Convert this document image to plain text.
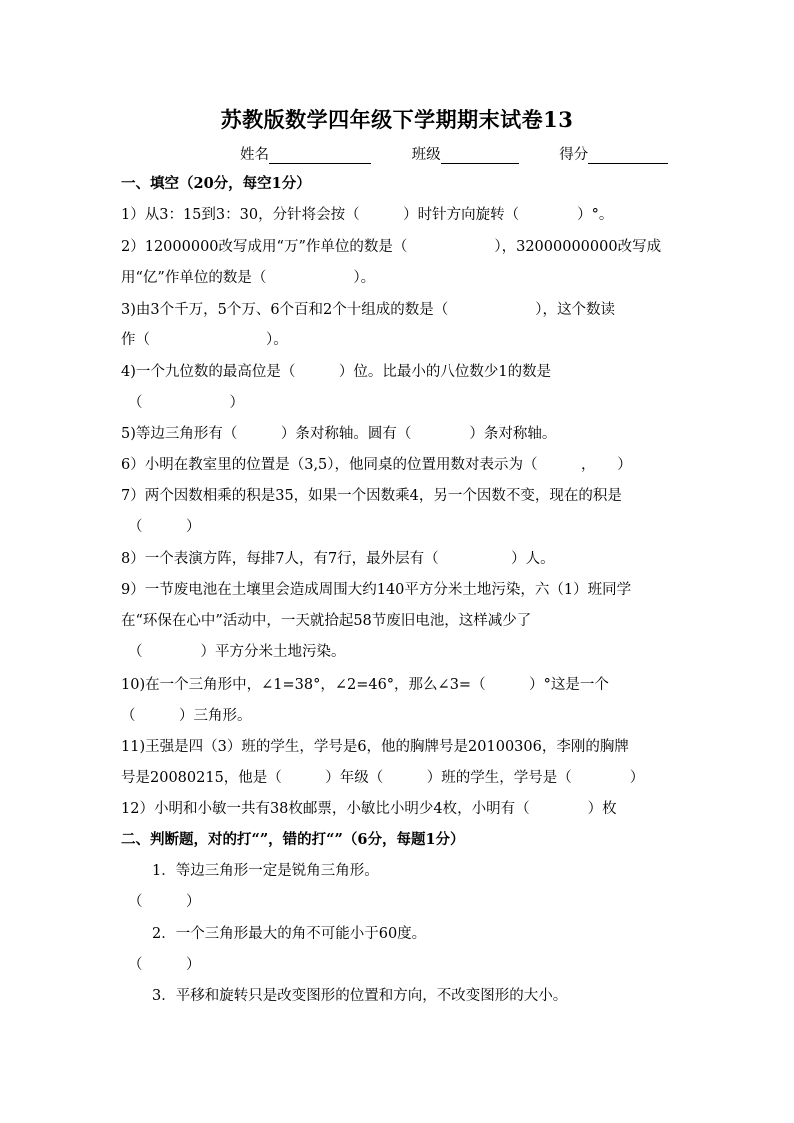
苏教版数学四年级下学期期末试卷13
姓名	班级	得分
一、填空（20分，每空1分）
1）从3：15到3：30，分针将会按（　　　）时针方向旋转（　　　　）°。
2）12000000改写成用“万”作单位的数是（　　　　　　），32000000000改写成
用“亿”作单位的数是（　　　　　　）。
3)由3个千万，5个万、6个百和2个十组成的数是（　　　　　　），这个数读
作（　　　　　　　　）。
4)一个九位数的最高位是（　　　）位。比最小的八位数少1的数是
（　　　　　　）
5)等边三角形有（　　　）条对称轴。圆有（　　　　）条对称轴。
6）小明在教室里的位置是（3,5），他同桌的位置用数对表示为（　　　，　　）
7）两个因数相乘的积是35，如果一个因数乘4，另一个因数不变，现在的积是
（　　　）
8）一个表演方阵，每排7人，有7行，最外层有（　　　　　）人。
9）一节废电池在土壤里会造成周围大约140平方分米土地污染，六（1）班同学
在“环保在心中”活动中，一天就拾起58节废旧电池，这样减少了
（　　　　）平方分米土地污染。
10)在一个三角形中，∠1=38°，∠2=46°，那么∠3=（　　　）°这是一个
（　　　）三角形。
11)王强是四（3）班的学生，学号是6，他的胸牌号是20100306，李刚的胸牌
号是20080215，他是（　　　）年级（　　　）班的学生，学号是（　　　　）
12）小明和小敏一共有38枚邮票，小敏比小明少4枚，小明有（　　　　）枚
二、判断题，对的打“”，错的打“”（6分，每题1分）
1．等边三角形一定是锐角三角形。
（　　　）
2．一个三角形最大的角不可能小于60度。
（　　　）
3．平移和旋转只是改变图形的位置和方向，不改变图形的大小。
